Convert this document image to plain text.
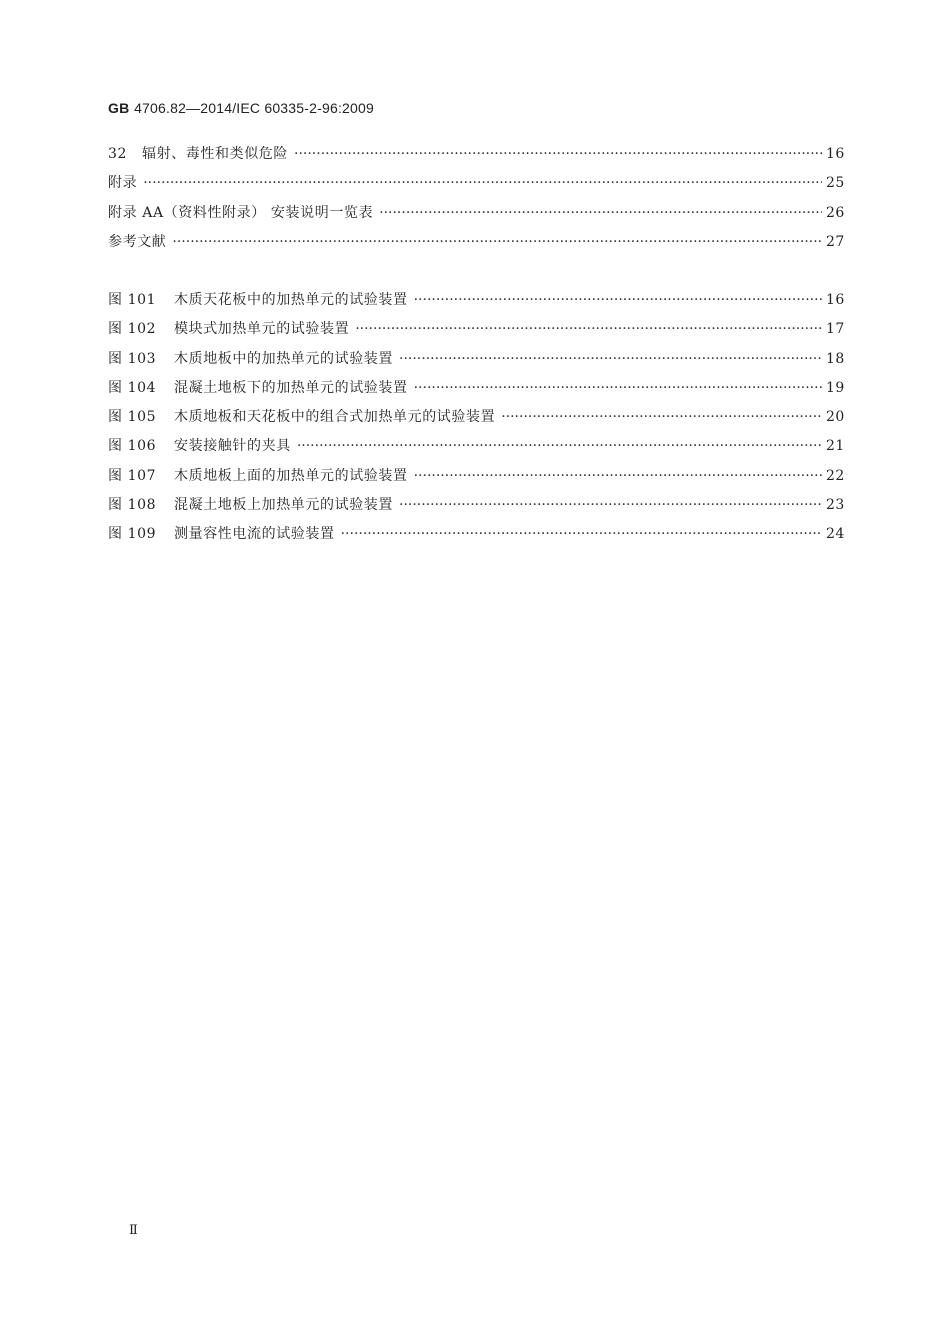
GB 4706.82—2014/IEC 60335-2-96:2009
32	辐射、毒性和类似危险 ·····	16
附录 ·····	25
附录 AA（资料性附录） 安装说明一览表 ·····	26
参考文献 ·····	27
图 101	木质天花板中的加热单元的试验装置 ·····	16
图 102	模块式加热单元的试验装置 ·····	17
图 103	木质地板中的加热单元的试验装置 ·····	18
图 104	混凝土地板下的加热单元的试验装置 ·····	19
图 105	木质地板和天花板中的组合式加热单元的试验装置 ·····	20
图 106	安装接触针的夹具 ·····	21
图 107	木质地板上面的加热单元的试验装置 ·····	22
图 108	混凝土地板上加热单元的试验装置 ·····	23
图 109	测量容性电流的试验装置 ·····	24
Ⅱ
